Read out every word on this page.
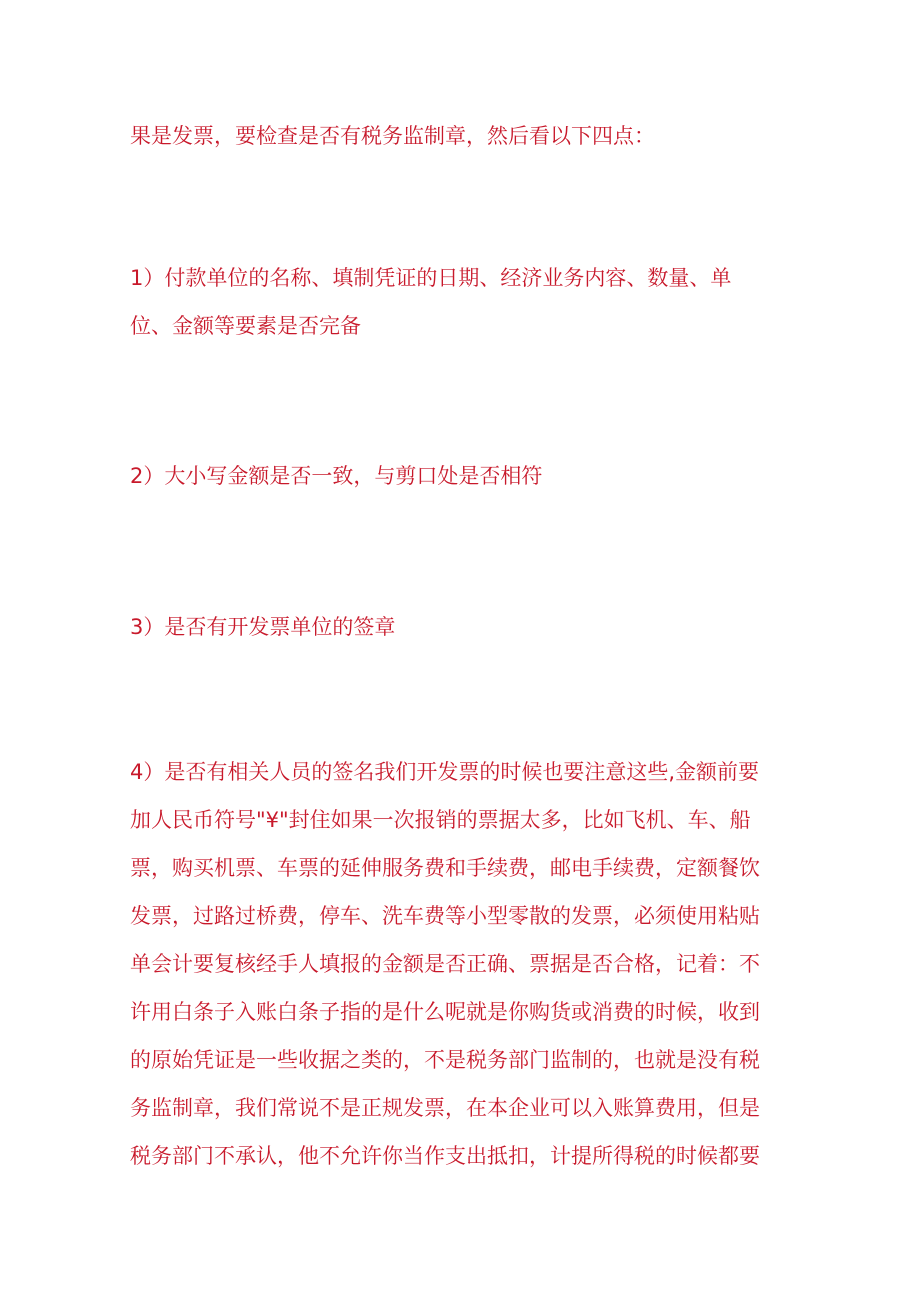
果是发票，要检查是否有税务监制章，然后看以下四点：

1）付款单位的名称、填制凭证的日期、经济业务内容、数量、单
位、金额等要素是否完备

2）大小写金额是否一致，与剪口处是否相符

3）是否有开发票单位的签章

4）是否有相关人员的签名我们开发票的时候也要注意这些,金额前要
加人民币符号"¥"封住如果一次报销的票据太多，比如飞机、车、船
票，购买机票、车票的延伸服务费和手续费，邮电手续费，定额餐饮
发票，过路过桥费，停车、洗车费等小型零散的发票，必须使用粘贴
单会计要复核经手人填报的金额是否正确、票据是否合格，记着：不
许用白条子入账白条子指的是什么呢就是你购货或消费的时候，收到
的原始凭证是一些收据之类的，不是税务部门监制的，也就是没有税
务监制章，我们常说不是正规发票，在本企业可以入账算费用，但是
税务部门不承认，他不允许你当作支出抵扣，计提所得税的时候都要
